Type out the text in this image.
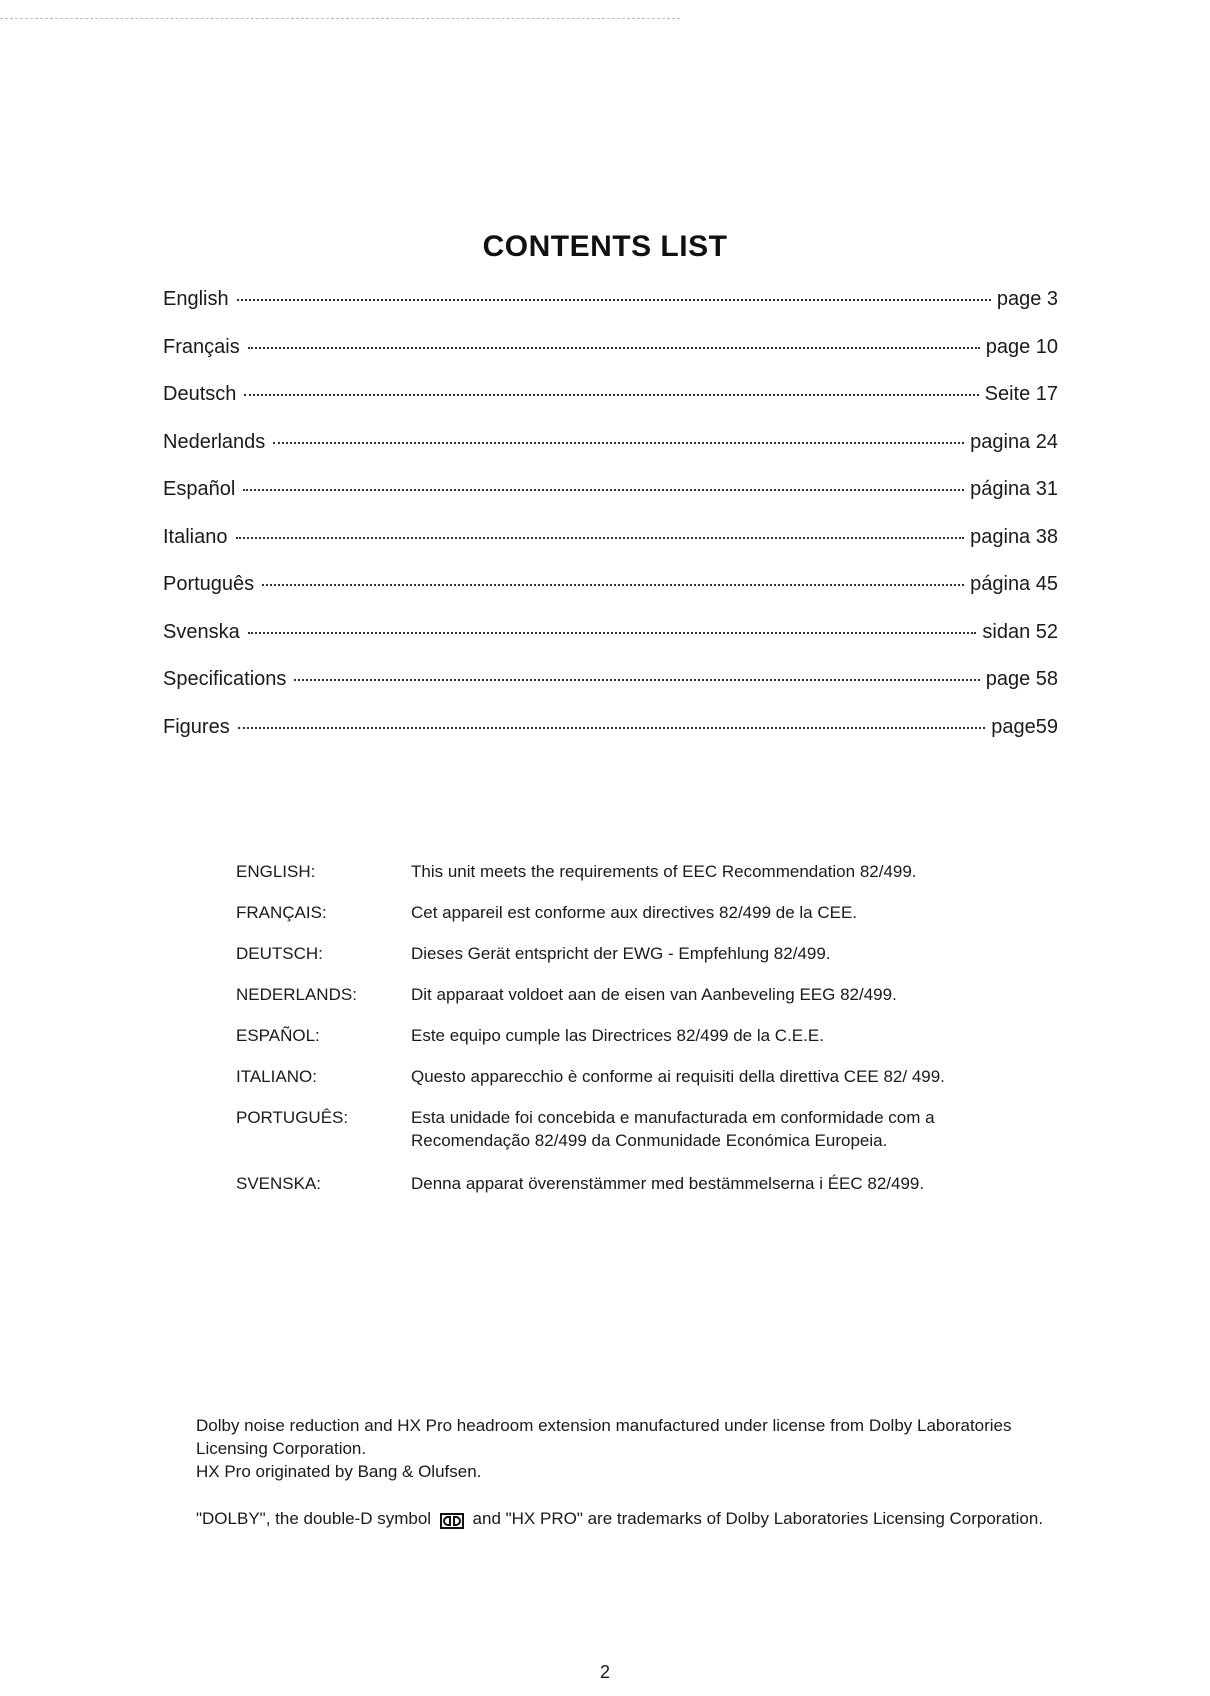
CONTENTS LIST
English	page 3
Français	page 10
Deutsch	Seite 17
Nederlands	pagina 24
Español	página 31
Italiano	pagina 38
Português	página 45
Svenska	sidan 52
Specifications	page 58
Figures	page59
ENGLISH:	This unit meets the requirements of EEC Recommendation 82/499.
FRANÇAIS:	Cet appareil est conforme aux directives 82/499 de la CEE.
DEUTSCH:	Dieses Gerät entspricht der EWG - Empfehlung 82/499.
NEDERLANDS:	Dit apparaat voldoet aan de eisen van Aanbeveling EEG 82/499.
ESPAÑOL:	Este equipo cumple las Directrices 82/499 de la C.E.E.
ITALIANO:	Questo apparecchio è conforme ai requisiti della direttiva CEE 82/ 499.
PORTUGUÊS:	Esta unidade foi concebida e manufacturada em conformidade com a
Recomendação 82/499 da Conmunidade Económica Europeia.
SVENSKA:	Denna apparat överenstämmer med bestämmelserna i ÉEC 82/499.

Dolby noise reduction and HX Pro headroom extension manufactured under license from Dolby Laboratories

Licensing Corporation.

HX Pro originated by Bang & Olufsen.

"DOLBY", the double-D symbol and "HX PRO" are trademarks of Dolby Laboratories Licensing Corporation.

2
